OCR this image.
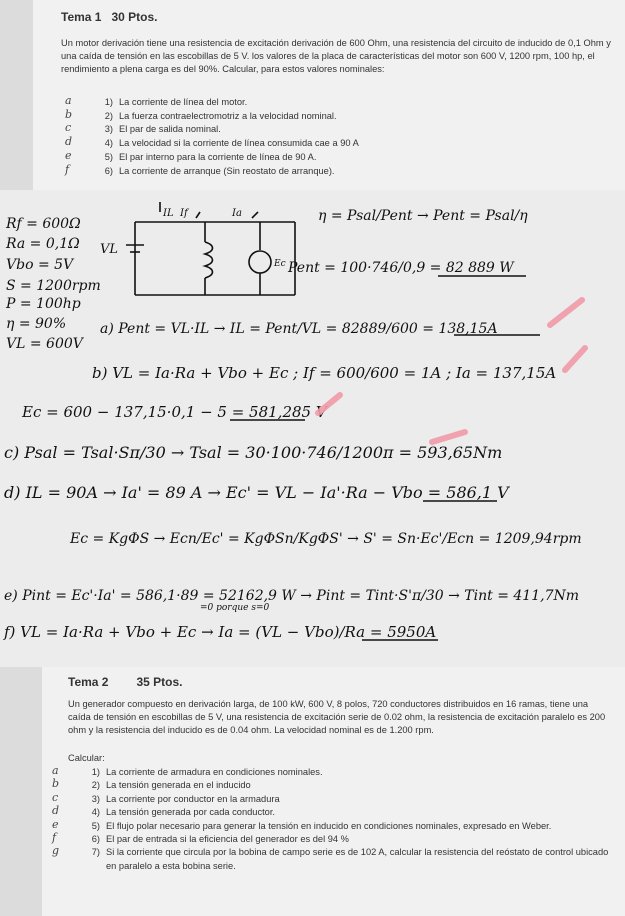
Tema 1 30 Ptos.
Un motor derivación tiene una resistencia de excitación derivación de 600 Ohm, una resistencia del circuito de inducido de 0,1 Ohm y una caída de tensión en las escobillas de 5 V. los valores de la placa de características del motor son 600 V, 1200 rpm, 100 hp, el rendimiento a plena carga es del 90%. Calcular, para estos valores nominales:
a	1) La corriente de línea del motor.
b	2) La fuerza contraelectromotriz a la velocidad nominal.
c	3) El par de salida nominal.
d	4) La velocidad si la corriente de línea consumida cae a 90 A
e	5) El par interno para la corriente de línea de 90 A.
f	6) La corriente de arranque (Sin reostato de arranque).
Rf = 600Ω
Ra = 0,1Ω
Vbo = 5V
S = 1200rpm
P = 100hp
η = 90%
VL = 600V
IL If	Ia
VL
Ec
η = Psal/Pent → Pent = Psal/η
Pent = 100·746/0,9 = 82 889 W
a) Pent = VL·IL → IL = Pent/VL = 82889/600 = 138,15A
b) VL = Ia·Ra + Vbo + Ec ; If = 600/600 = 1A ; Ia = 137,15A
Ec = 600 − 137,15·0,1 − 5 = 581,285 V
c) Psal = Tsal·Sπ/30 → Tsal = 30·100·746/1200π = 593,65Nm
d) IL = 90A → Ia' = 89 A → Ec' = VL − Ia'·Ra − Vbo = 586,1 V
Ec = KgΦS → Ecn/Ec' = KgΦSn/KgΦS' → S' = Sn·Ec'/Ecn = 1209,94rpm
e) Pint = Ec'·Ia' = 586,1·89 = 52162,9 W → Pint = Tint·S'π/30 → Tint = 411,7Nm
f) VL = Ia·Ra + Vbo + Ec → Ia = (VL − Vbo)/Ra = 5950A
=0 porque s=0
Tema 2 35 Ptos.
Un generador compuesto en derivación larga, de 100 kW, 600 V, 8 polos, 720 conductores distribuidos en 16 ramas, tiene una caída de tensión en escobillas de 5 V, una resistencia de excitación serie de 0.02 ohm, la resistencia de excitación paralelo es 200 ohm y la resistencia del inducido es de 0.04 ohm. La velocidad nominal es de 1.200 rpm.
Calcular:
a	1) La corriente de armadura en condiciones nominales.
b	2) La tensión generada en el inducido
c	3) La corriente por conductor en la armadura
d	4) La tensión generada por cada conductor.
e	5) El flujo polar necesario para generar la tensión en inducido en condiciones nominales, expresado en Weber.
f	6) El par de entrada si la eficiencia del generador es del 94 %
g	7) Si la corriente que circula por la bobina de campo serie es de 102 A, calcular la resistencia del reóstato de control ubicado en paralelo a esta bobina serie.
